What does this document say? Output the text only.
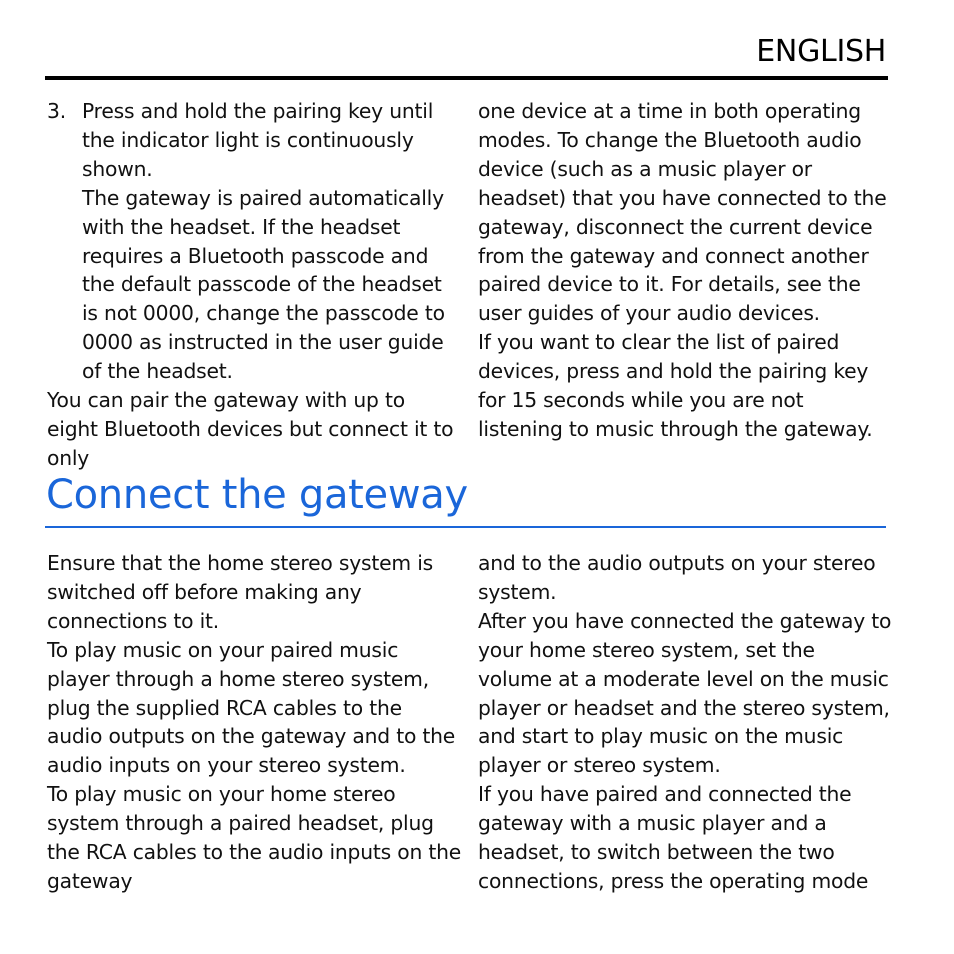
ENGLISH
3. Press and hold the pairing key until the indicator light is continuously shown.

The gateway is paired automatically with the headset. If the headset requires a Bluetooth passcode and the default passcode of the headset is not 0000, change the passcode to 0000 as instructed in the user guide of the headset.

You can pair the gateway with up to eight Bluetooth devices but connect it to only

one device at a time in both operating modes. To change the Bluetooth audio device (such as a music player or headset) that you have connected to the gateway, disconnect the current device from the gateway and connect another paired device to it. For details, see the user guides of your audio devices.

If you want to clear the list of paired devices, press and hold the pairing key for 15 seconds while you are not listening to music through the gateway.

Connect the gateway

Ensure that the home stereo system is switched off before making any connections to it.

To play music on your paired music player through a home stereo system, plug the supplied RCA cables to the audio outputs on the gateway and to the audio inputs on your stereo system.

To play music on your home stereo system through a paired headset, plug the RCA cables to the audio inputs on the gateway

and to the audio outputs on your stereo system.

After you have connected the gateway to your home stereo system, set the volume at a moderate level on the music player or headset and the stereo system, and start to play music on the music player or stereo system.

If you have paired and connected the gateway with a music player and a headset, to switch between the two connections, press the operating mode
